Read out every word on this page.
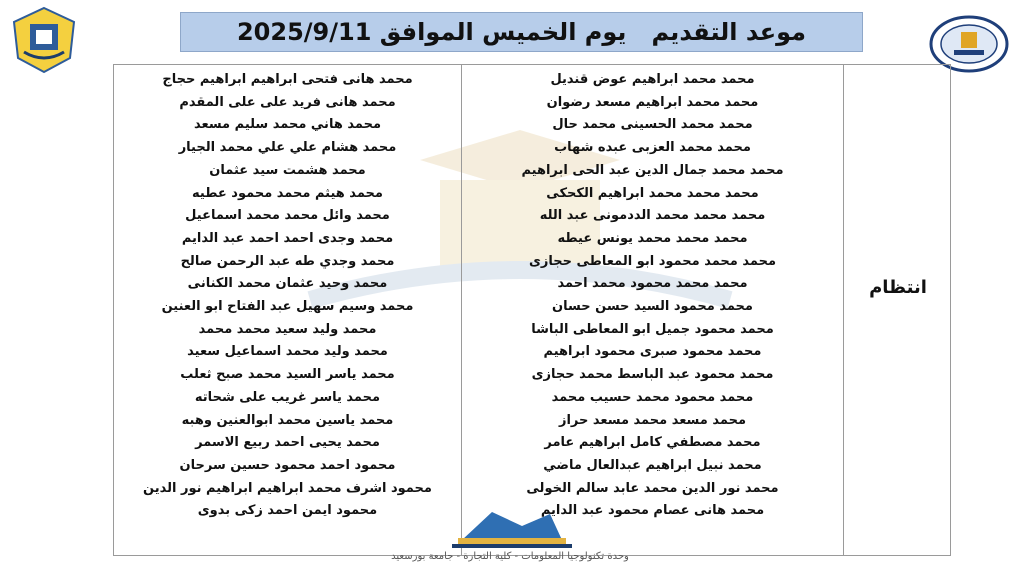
موعد التقديم   يوم الخميس الموافق 2025/9/11
محمد هانى فتحى ابراهيم ابراهيم حجاج
محمد هانى فريد على على المقدم
محمد هاني محمد سليم مسعد
محمد هشام علي علي محمد الجيار
محمد هشمت سيد عثمان
محمد هيثم محمد محمود عطيه
محمد وائل محمد محمد اسماعيل
محمد وجدى احمد احمد عبد الدايم
محمد وجدي طه عبد الرحمن صالح
محمد وحيد عثمان محمد الكنانى
محمد وسيم سهيل عبد الفتاح ابو العنين
محمد وليد سعيد محمد محمد
محمد وليد محمد اسماعيل سعيد
محمد ياسر السيد محمد صبح ثعلب
محمد ياسر غريب على شحاته
محمد ياسين محمد ابوالعنين وهبه
محمد يحيى احمد ربيع الاسمر
محمود احمد محمود حسين سرحان
محمود اشرف محمد ابراهيم ابراهيم نور الدين
محمود ايمن احمد زكى بدوى
محمد محمد ابراهيم عوض قنديل
محمد محمد ابراهيم مسعد رضوان
محمد محمد الحسينى محمد حال
محمد محمد العزبى عبده شهاب
محمد محمد جمال الدين عبد الحى ابراهيم
محمد محمد محمد ابراهيم الكحكى
محمد محمد محمد الددمونى عبد الله
محمد محمد محمد يونس عيطه
محمد محمد محمود ابو المعاطى حجازى
محمد محمد محمود محمد احمد
محمد محمود السيد حسن حسان
محمد محمود جميل ابو المعاطى الباشا
محمد محمود صبرى محمود ابراهيم
محمد محمود عبد الباسط محمد حجازى
محمد محمود محمد حسيب محمد
محمد مسعد محمد مسعد حراز
محمد مصطفي كامل ابراهيم عامر
محمد نبيل ابراهيم عبدالعال ماضي
محمد نور الدين محمد عابد سالم الخولى
محمد هانى عصام محمود عبد الدايم
انتظام
وحدة تكنولوجيا المعلومات - كلية التجارة - جامعة بورسعيد
